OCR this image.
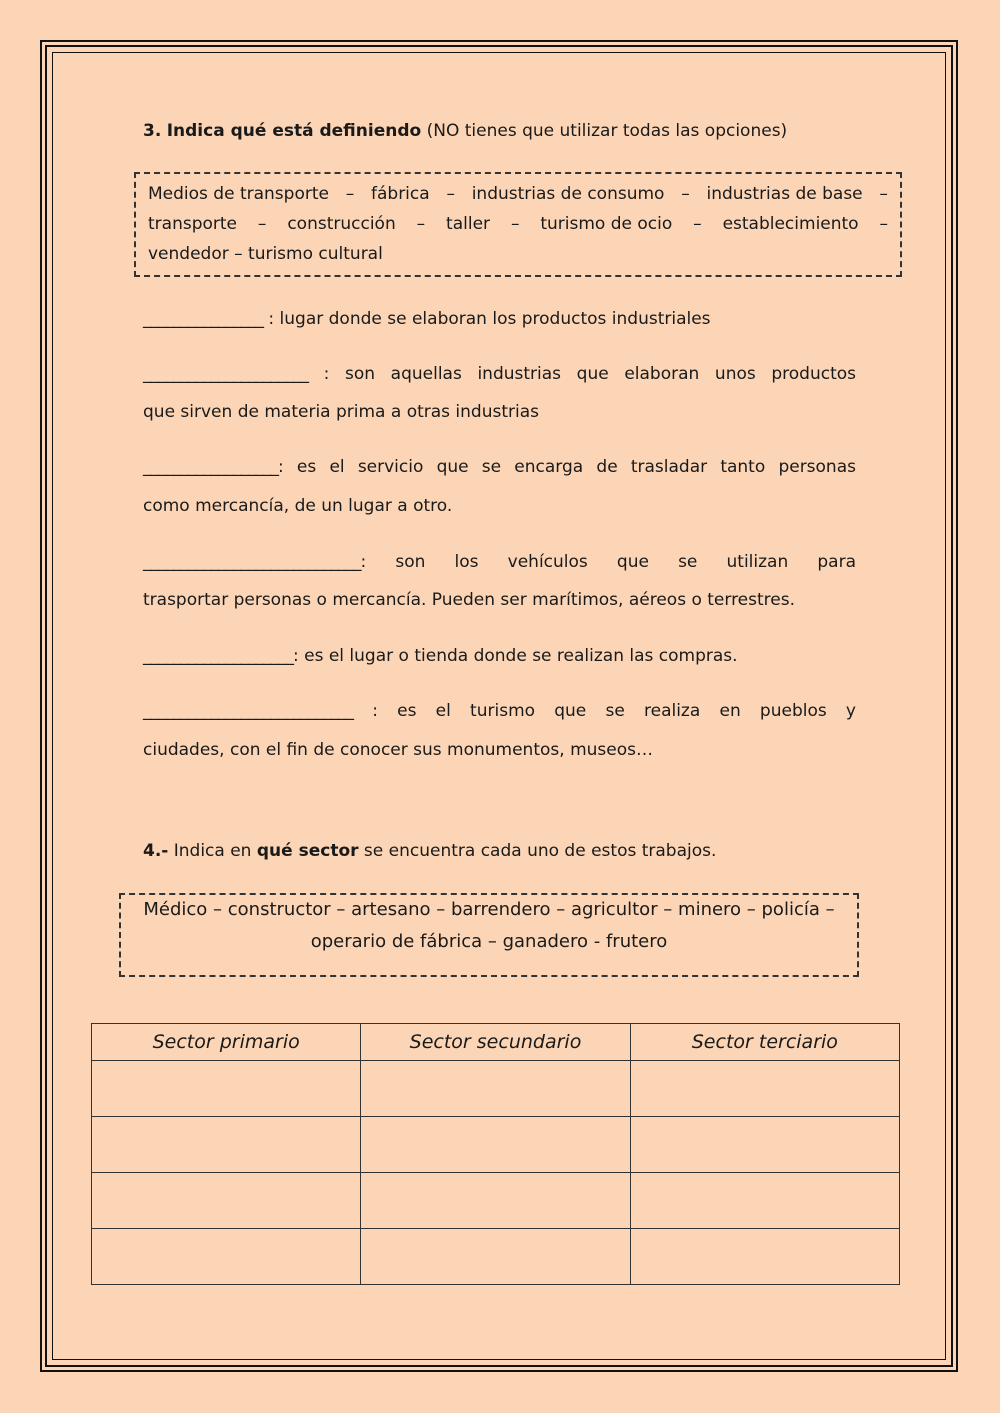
3. Indica qué está definiendo (NO tienes que utilizar todas las opciones)
Medios de transporte – fábrica – industrias de consumo – industrias de base –
transporte – construcción – taller – turismo de ocio – establecimiento –
vendedor – turismo cultural
________________ : lugar donde se elaboran los productos industriales
______________________ : son aquellas industrias que elaboran unos productos
que sirven de materia prima a otras industrias
__________________: es el servicio que se encarga de trasladar tanto personas
como mercancía, de un lugar a otro.
_____________________________: son los vehículos que se utilizan para
trasportar personas o mercancía. Pueden ser marítimos, aéreos o terrestres.
____________________: es el lugar o tienda donde se realizan las compras.
____________________________ : es el turismo que se realiza en pueblos y
ciudades, con el fin de conocer sus monumentos, museos…
4.- Indica en qué sector se encuentra cada uno de estos trabajos.
Médico – constructor – artesano – barrendero – agricultor – minero – policía –
operario de fábrica – ganadero - frutero
Sector primario	Sector secundario	Sector terciario
